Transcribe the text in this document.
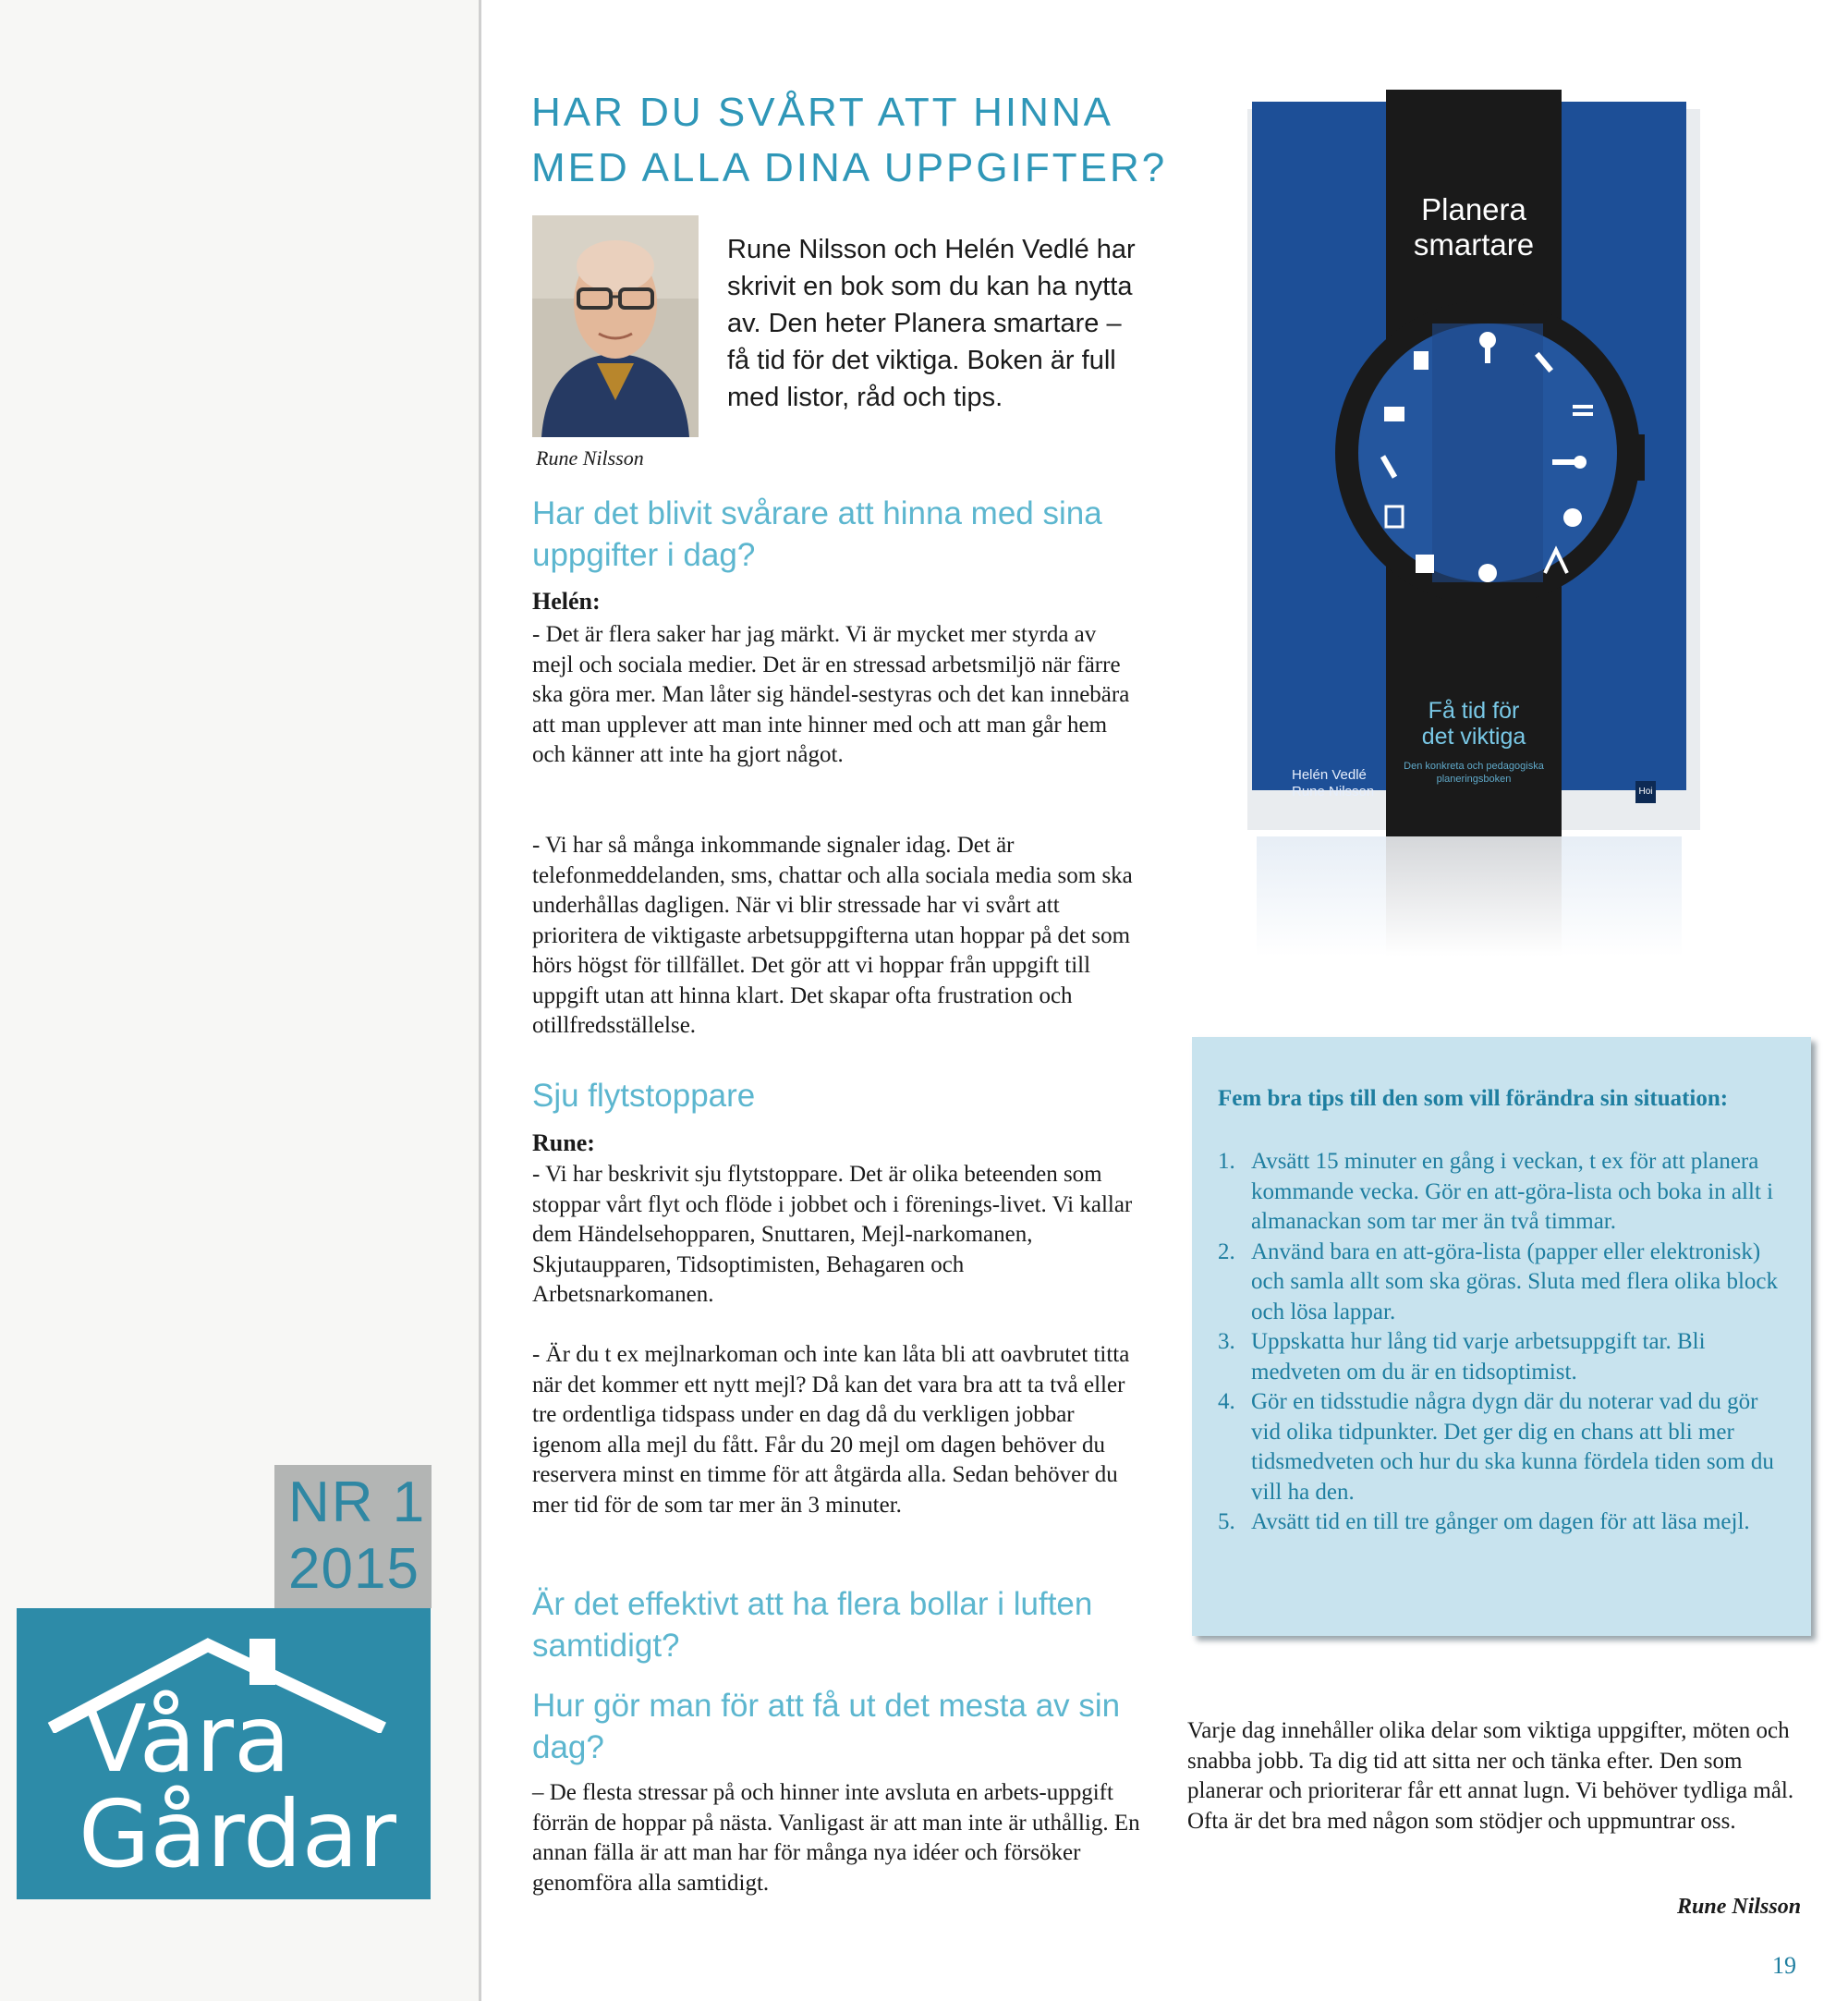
NR 1
2015
Våra
Gårdar
HAR DU SVÅRT ATT HINNA
MED ALLA DINA UPPGIFTER?
Rune Nilsson

Rune Nilsson och Helén Vedlé har skrivit en bok som du kan ha nytta av. Den heter Planera smartare – få tid för det viktiga. Boken är full med listor, råd och tips.

Har det blivit svårare att hinna med sina uppgifter i dag?
Helén:

- Det är flera saker har jag märkt. Vi är mycket mer styrda av mejl och sociala medier. Det är en stressad arbetsmiljö när färre ska göra mer. Man låter sig händel-sestyras och det kan innebära att man upplever att man inte hinner med och att man går hem och känner att inte ha gjort något.

- Vi har så många inkommande signaler idag. Det är telefonmeddelanden, sms, chattar och alla sociala media som ska underhållas dagligen. När vi blir stressade har vi svårt att prioritera de viktigaste arbetsuppgifterna utan hoppar på det som hörs högst för tillfället. Det gör att vi hoppar från uppgift till uppgift utan att hinna klart. Det skapar ofta frustration och otillfredsställelse.

Sju flytstoppare
Rune:

- Vi har beskrivit sju flytstoppare. Det är olika beteenden som stoppar vårt flyt och flöde i jobbet och i förenings-livet. Vi kallar dem Händelsehopparen, Snuttaren, Mejl-narkomanen, Skjutaupparen, Tidsoptimisten, Behagaren och Arbetsnarkomanen.

- Är du t ex mejlnarkoman och inte kan låta bli att oavbrutet titta när det kommer ett nytt mejl? Då kan det vara bra att ta två eller tre ordentliga tidspass under en dag då du verkligen jobbar igenom alla mejl du fått. Får du 20 mejl om dagen behöver du reservera minst en timme för att åtgärda alla. Sedan behöver du mer tid för de som tar mer än 3 minuter.

Är det effektivt att ha flera bollar i luften samtidigt?
Hur gör man för att få ut det mesta av sin dag?

– De flesta stressar på och hinner inte avsluta en arbets-uppgift förrän de hoppar på nästa. Vanligast är att man inte är uthållig. En annan fälla är att man har för många nya idéer och försöker genomföra alla samtidigt.

Planera
smartare
Få tid för
det viktiga
Den konkreta och pedagogiska planeringsboken
Helén Vedlé
Rune Nilsson	Hoi

Fem bra tips till den som vill förändra sin situation:

1. Avsätt 15 minuter en gång i veckan, t ex för att planera kommande vecka. Gör en att-göra-lista och boka in allt i almanackan som tar mer än två timmar.
2. Använd bara en att-göra-lista (papper eller elektronisk) och samla allt som ska göras. Sluta med flera olika block och lösa lappar.
3. Uppskatta hur lång tid varje arbetsuppgift tar. Bli medveten om du är en tidsoptimist.
4. Gör en tidsstudie några dygn där du noterar vad du gör vid olika tidpunkter. Det ger dig en chans att bli mer tidsmedveten och hur du ska kunna fördela tiden som du vill ha den.
5. Avsätt tid en till tre gånger om dagen för att läsa mejl.

Varje dag innehåller olika delar som viktiga uppgifter, möten och snabba jobb. Ta dig tid att sitta ner och tänka efter. Den som planerar och prioriterar får ett annat lugn. Vi behöver tydliga mål. Ofta är det bra med någon som stödjer och uppmuntrar oss.

Rune Nilsson
19
